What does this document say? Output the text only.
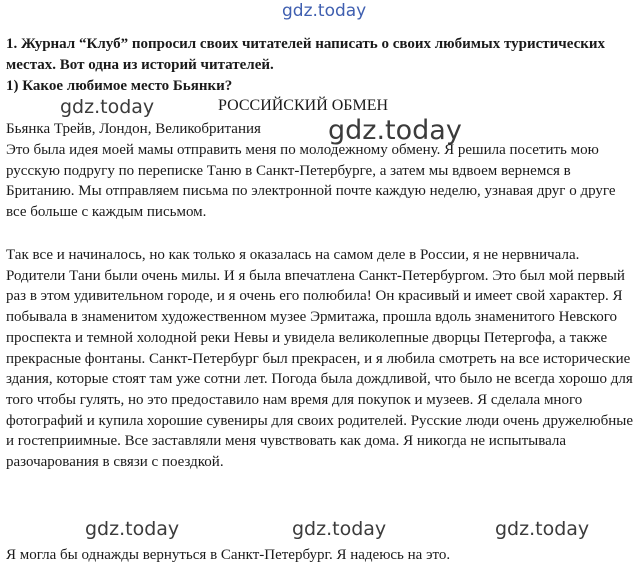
gdz.today
1. Журнал “Клуб” попросил своих читателей написать о своих любимых туристических местах. Вот одна из историй читателей.
1) Какое любимое место Бьянки?
РОССИЙСКИЙ ОБМЕН
gdz.today
Бьянка Трейв, Лондон, Великобритания gdz.today
Это была идея моей мамы отправить меня по молодежному обмену. Я решила посетить мою русскую подругу по переписке Таню в Санкт-Петербурге, а затем мы вдвоем вернемся в Британию. Мы отправляем письма по электронной почте каждую неделю, узнавая друг о друге все больше с каждым письмом.
Так все и начиналось, но как только я оказалась на самом деле в России, я не нервничала. Родители Тани были очень милы. И я была впечатлена Санкт-Петербургом. Это был мой первый раз в этом удивительном городе, и я очень его полюбила! Он красивый и имеет свой характер. Я побывала в знаменитом художественном музее Эрмитажа, прошла вдоль знаменитого Невского проспекта и темной холодной реки Невы и увидела великолепные дворцы Петергофа, а также прекрасные фонтаны. Санкт-Петербург был прекрасен, и я любила смотреть на все исторические здания, которые стоят там уже сотни лет. Погода была дождливой, что было не всегда хорошо для того чтобы гулять, но это предоставило нам время для покупок и музеев. Я сделала много фотографий и купила хорошие сувениры для своих родителей. Русские люди очень дружелюбные и гостеприимные. Все заставляли меня чувствовать как дома. Я никогда не испытывала разочарования в связи с поездкой.
gdz.today	gdz.today	gdz.today
Я могла бы однажды вернуться в Санкт-Петербург. Я надеюсь на это.
